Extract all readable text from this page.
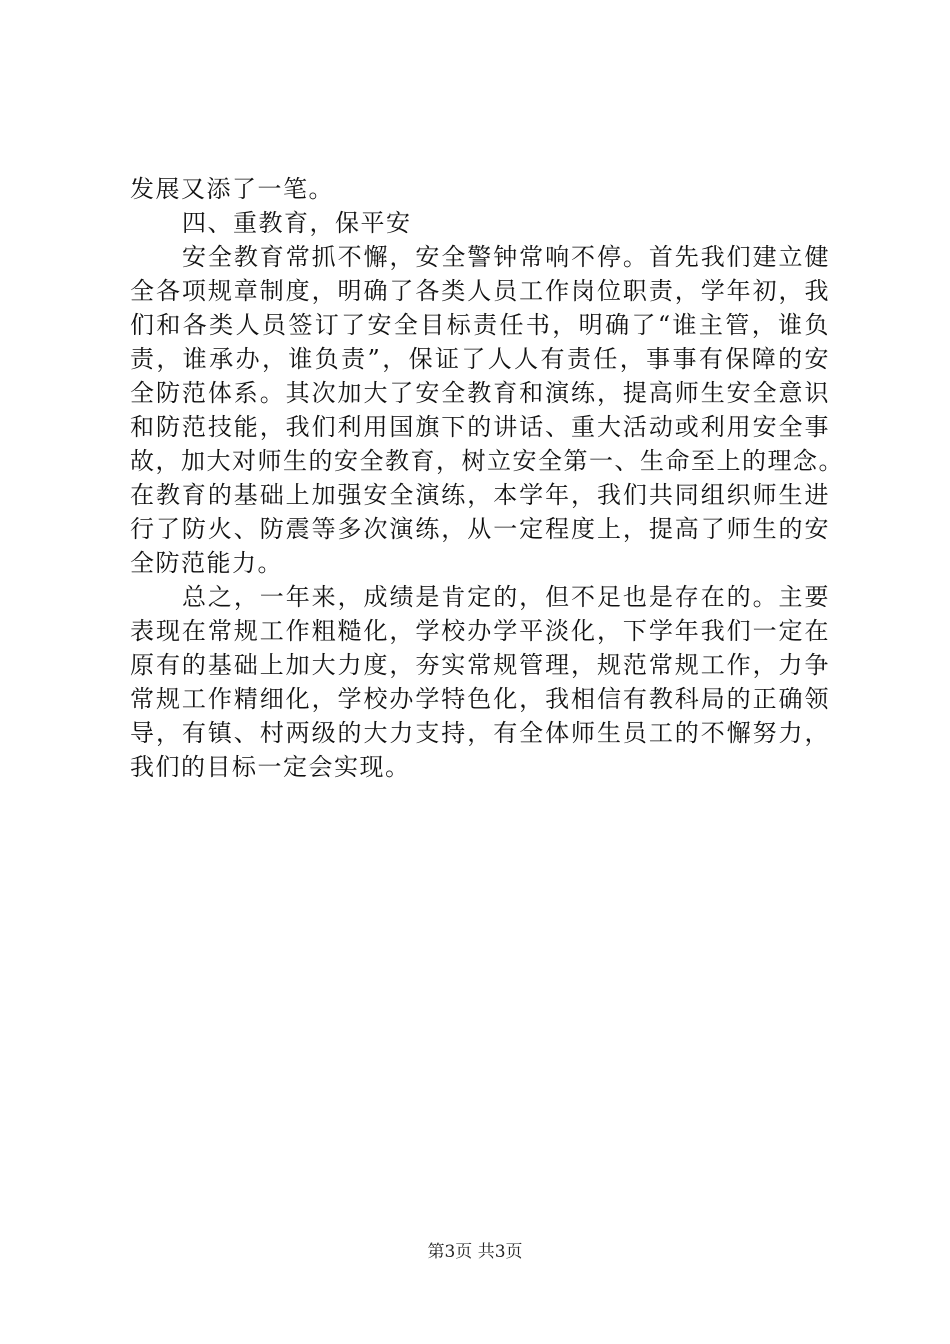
发展又添了一笔。
四、重教育，保平安
安全教育常抓不懈，安全警钟常响不停。首先我们建立健
全各项规章制度，明确了各类人员工作岗位职责，学年初，我
们和各类人员签订了安全目标责任书，明确了“谁主管，谁负
责，谁承办，谁负责”，保证了人人有责任，事事有保障的安
全防范体系。其次加大了安全教育和演练，提高师生安全意识
和防范技能，我们利用国旗下的讲话、重大活动或利用安全事
故，加大对师生的安全教育，树立安全第一、生命至上的理念。
在教育的基础上加强安全演练，本学年，我们共同组织师生进
行了防火、防震等多次演练，从一定程度上，提高了师生的安
全防范能力。
总之，一年来，成绩是肯定的，但不足也是存在的。主要
表现在常规工作粗糙化，学校办学平淡化，下学年我们一定在
原有的基础上加大力度，夯实常规管理，规范常规工作，力争
常规工作精细化，学校办学特色化，我相信有教科局的正确领
导，有镇、村两级的大力支持，有全体师生员工的不懈努力，
我们的目标一定会实现。
第3页 共3页
